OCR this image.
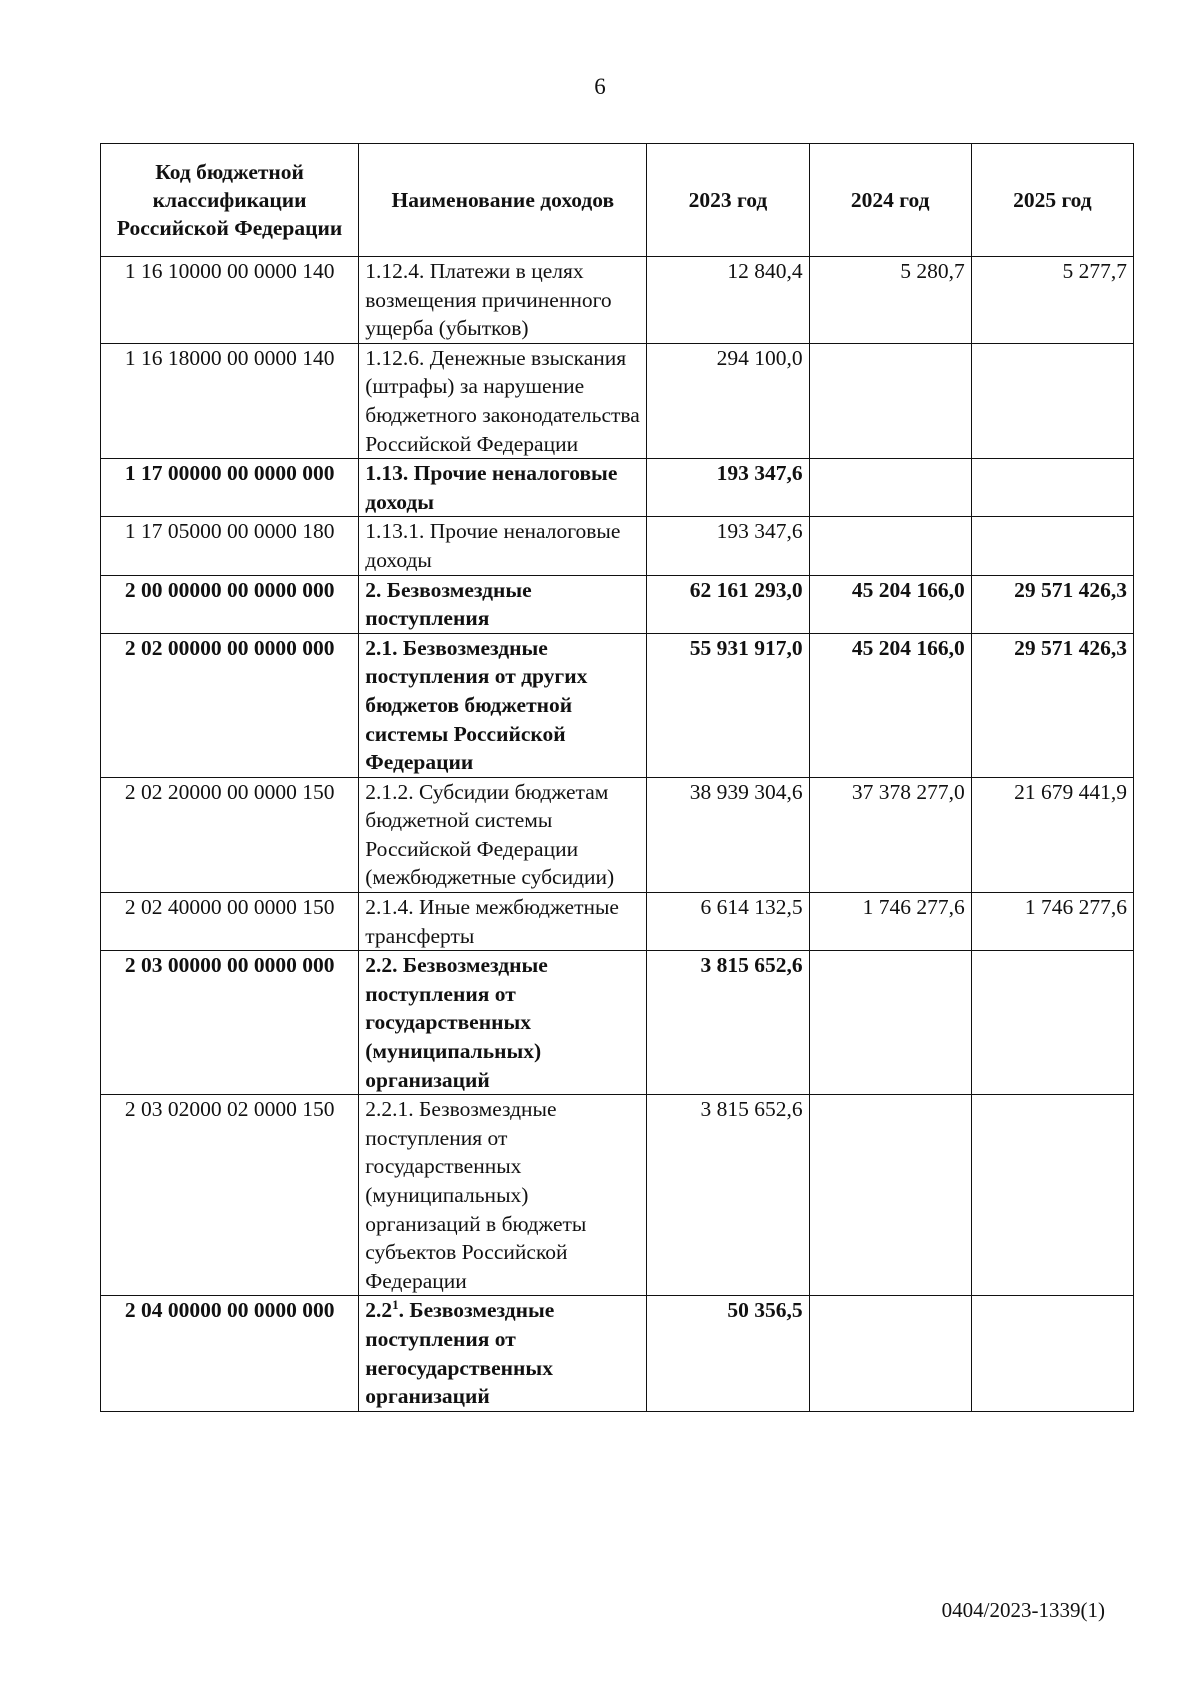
6
Код бюджетной классификации Российской Федерации	Наименование доходов	2023 год	2024 год	2025 год
1 16 10000 00 0000 140	1.12.4. Платежи в целях возмещения причиненного ущерба (убытков)	12 840,4	5 280,7	5 277,7
1 16 18000 00 0000 140	1.12.6. Денежные взыскания (штрафы) за нарушение бюджетного законодательства Российской Федерации	294 100,0		
1 17 00000 00 0000 000	1.13. Прочие неналоговые доходы	193 347,6		
1 17 05000 00 0000 180	1.13.1. Прочие неналоговые доходы	193 347,6		
2 00 00000 00 0000 000	2. Безвозмездные поступления	62 161 293,0	45 204 166,0	29 571 426,3
2 02 00000 00 0000 000	2.1. Безвозмездные поступления от других бюджетов бюджетной системы Российской Федерации	55 931 917,0	45 204 166,0	29 571 426,3
2 02 20000 00 0000 150	2.1.2. Субсидии бюджетам бюджетной системы Российской Федерации (межбюджетные субсидии)	38 939 304,6	37 378 277,0	21 679 441,9
2 02 40000 00 0000 150	2.1.4. Иные межбюджетные трансферты	6 614 132,5	1 746 277,6	1 746 277,6
2 03 00000 00 0000 000	2.2. Безвозмездные поступления от государственных (муниципальных) организаций	3 815 652,6		
2 03 02000 02 0000 150	2.2.1. Безвозмездные поступления от государственных (муниципальных) организаций в бюджеты субъектов Российской Федерации	3 815 652,6		
2 04 00000 00 0000 000	$2.2^1$. Безвозмездные поступления от негосударственных организаций	50 356,5		
0404/2023-1339(1)
